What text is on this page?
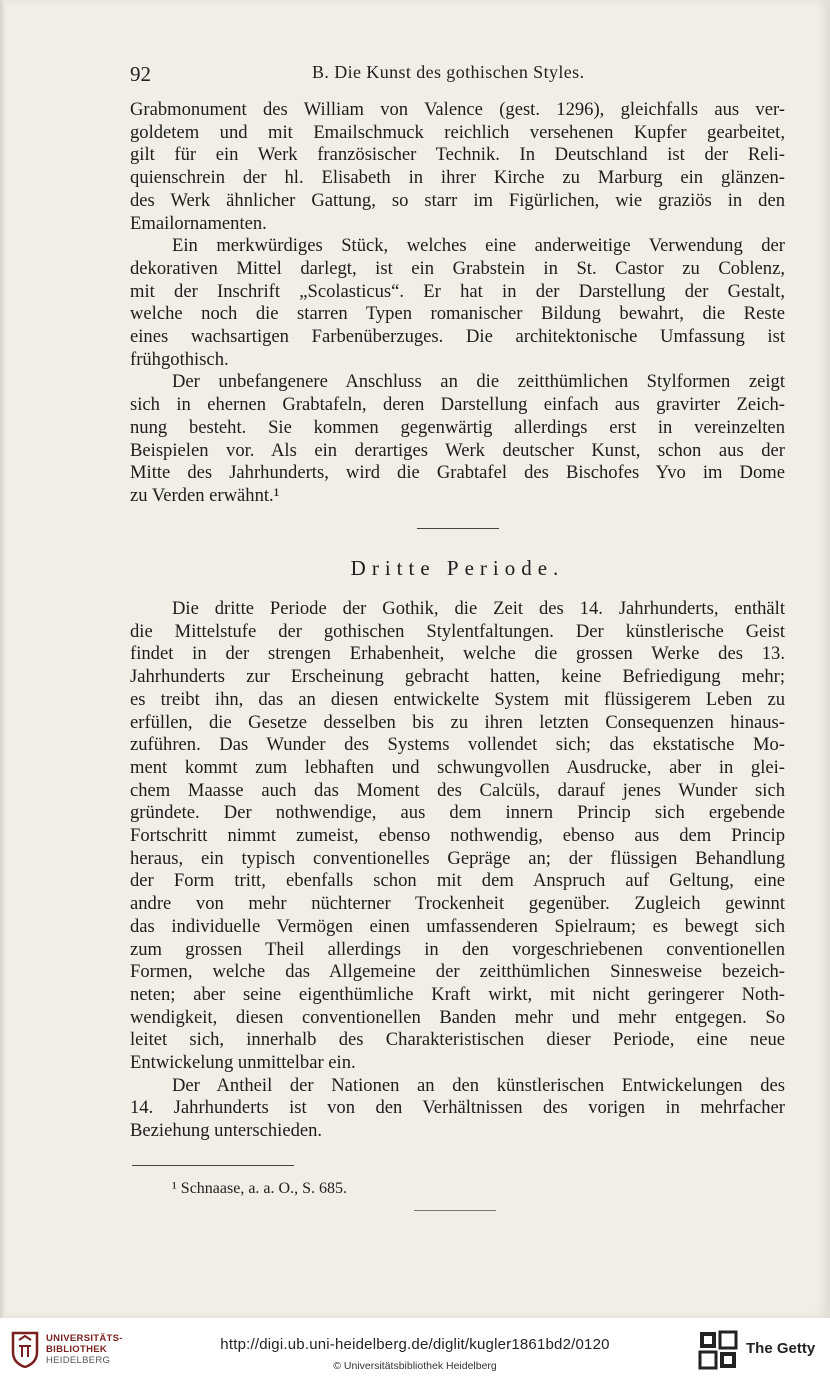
92	B. Die Kunst des gothischen Styles.

Grabmonument des William von Valence (gest. 1296), gleichfalls aus ver-
goldetem und mit Emailschmuck reichlich versehenen Kupfer gearbeitet,
gilt für ein Werk französischer Technik. In Deutschland ist der Reli-
quienschrein der hl. Elisabeth in ihrer Kirche zu Marburg ein glänzen-
des Werk ähnlicher Gattung, so starr im Figürlichen, wie graziös in den
Emailornamenten.

Ein merkwürdiges Stück, welches eine anderweitige Verwendung der
dekorativen Mittel darlegt, ist ein Grabstein in St. Castor zu Coblenz,
mit der Inschrift „Scolasticus“. Er hat in der Darstellung der Gestalt,
welche noch die starren Typen romanischer Bildung bewahrt, die Reste
eines wachsartigen Farbenüberzuges. Die architektonische Umfassung ist
frühgothisch.

Der unbefangenere Anschluss an die zeitthümlichen Stylformen zeigt
sich in ehernen Grabtafeln, deren Darstellung einfach aus gravirter Zeich-
nung besteht. Sie kommen gegenwärtig allerdings erst in vereinzelten
Beispielen vor. Als ein derartiges Werk deutscher Kunst, schon aus der
Mitte des Jahrhunderts, wird die Grabtafel des Bischofes Yvo im Dome
zu Verden erwähnt.¹

Dritte Periode.

Die dritte Periode der Gothik, die Zeit des 14. Jahrhunderts, enthält
die Mittelstufe der gothischen Stylentfaltungen. Der künstlerische Geist
findet in der strengen Erhabenheit, welche die grossen Werke des 13.
Jahrhunderts zur Erscheinung gebracht hatten, keine Befriedigung mehr;
es treibt ihn, das an diesen entwickelte System mit flüssigerem Leben zu
erfüllen, die Gesetze desselben bis zu ihren letzten Consequenzen hinaus-
zuführen. Das Wunder des Systems vollendet sich; das ekstatische Mo-
ment kommt zum lebhaften und schwungvollen Ausdrucke, aber in glei-
chem Maasse auch das Moment des Calcüls, darauf jenes Wunder sich
gründete. Der nothwendige, aus dem innern Princip sich ergebende
Fortschritt nimmt zumeist, ebenso nothwendig, ebenso aus dem Princip
heraus, ein typisch conventionelles Gepräge an; der flüssigen Behandlung
der Form tritt, ebenfalls schon mit dem Anspruch auf Geltung, eine
andre von mehr nüchterner Trockenheit gegenüber. Zugleich gewinnt
das individuelle Vermögen einen umfassenderen Spielraum; es bewegt sich
zum grossen Theil allerdings in den vorgeschriebenen conventionellen
Formen, welche das Allgemeine der zeitthümlichen Sinnesweise bezeich-
neten; aber seine eigenthümliche Kraft wirkt, mit nicht geringerer Noth-
wendigkeit, diesen conventionellen Banden mehr und mehr entgegen. So
leitet sich, innerhalb des Charakteristischen dieser Periode, eine neue
Entwickelung unmittelbar ein.

Der Antheil der Nationen an den künstlerischen Entwickelungen des
14. Jahrhunderts ist von den Verhältnissen des vorigen in mehrfacher
Beziehung unterschieden.

¹ Schnaase, a. a. O., S. 685.
UNIVERSITÄTS-
BIBLIOTHEK
HEIDELBERG
http://digi.ub.uni-heidelberg.de/diglit/kugler1861bd2/0120
© Universitätsbibliothek Heidelberg
The Getty
